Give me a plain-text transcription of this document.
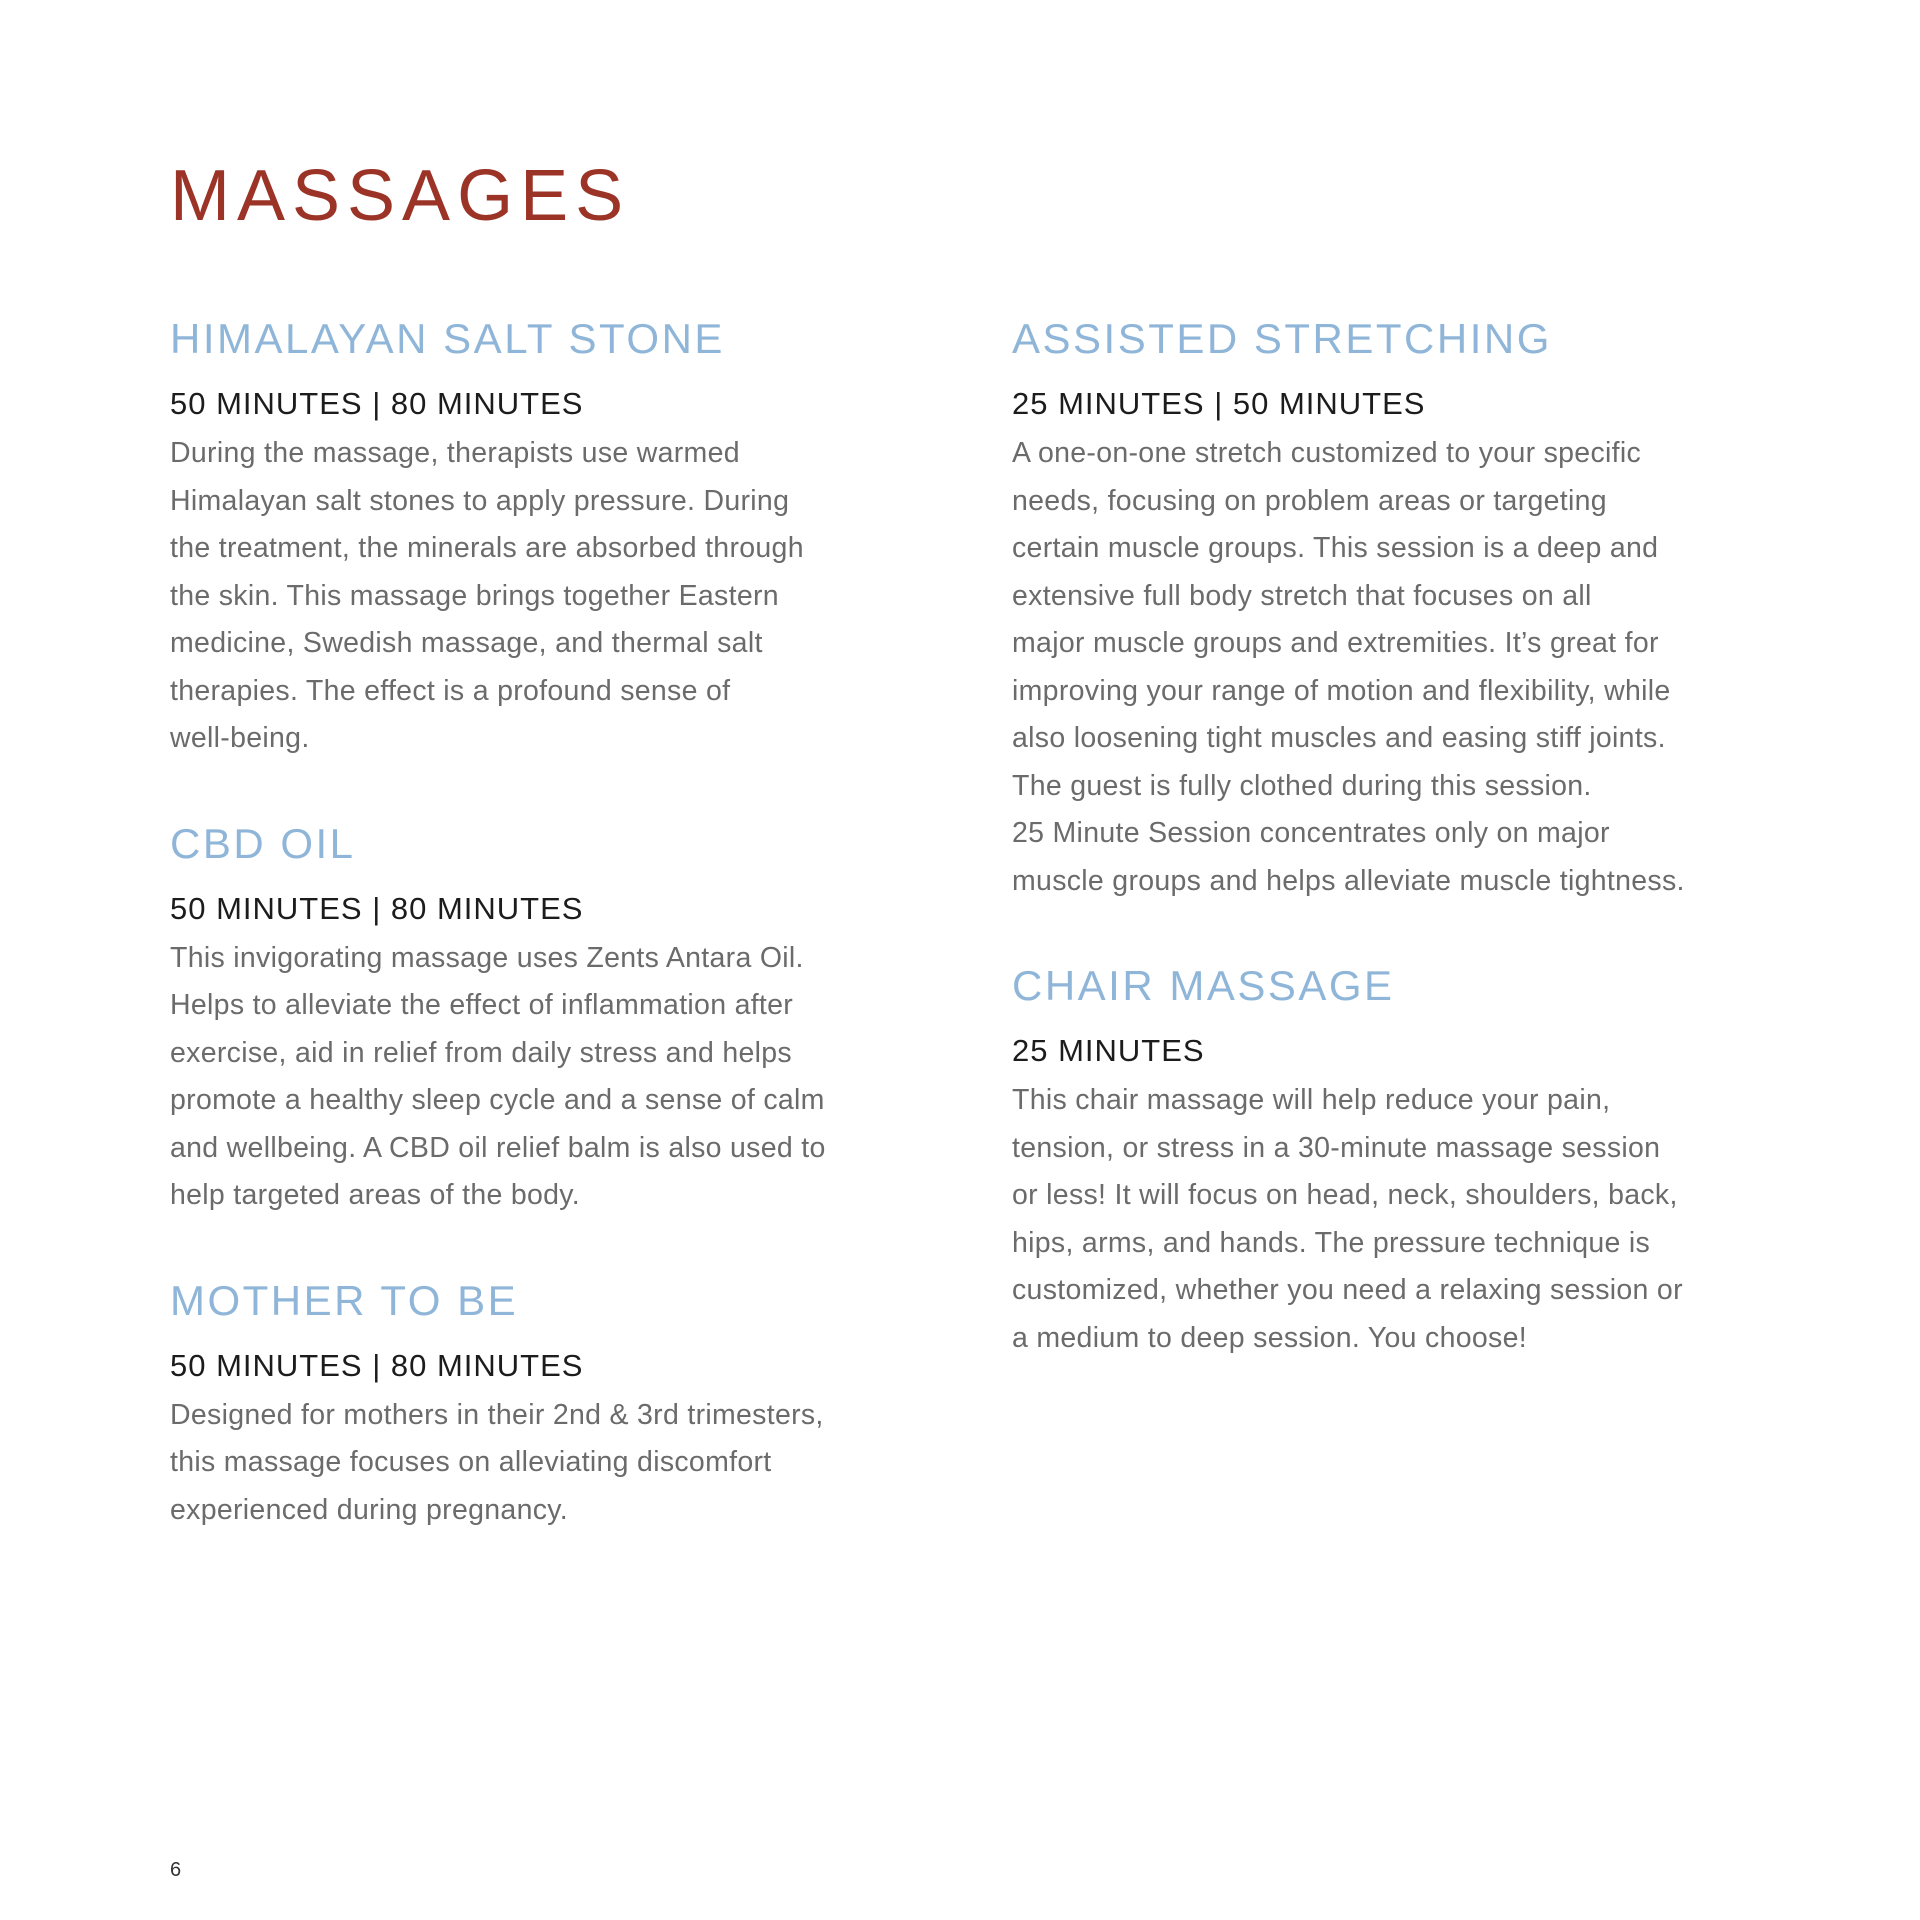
MASSAGES
HIMALAYAN SALT STONE

50 MINUTES | 80 MINUTES

During the massage, therapists use warmed
Himalayan salt stones to apply pressure. During
the treatment, the minerals are absorbed through
the skin. This massage brings together Eastern
medicine, Swedish massage, and thermal salt
therapies. The effect is a profound sense of
well-being.

CBD OIL

50 MINUTES | 80 MINUTES

This invigorating massage uses Zents Antara Oil.
Helps to alleviate the effect of inflammation after
exercise, aid in relief from daily stress and helps
promote a healthy sleep cycle and a sense of calm
and wellbeing. A CBD oil relief balm is also used to
help targeted areas of the body.

MOTHER TO BE

50 MINUTES | 80 MINUTES

Designed for mothers in their 2nd & 3rd trimesters,
this massage focuses on alleviating discomfort
experienced during pregnancy.

ASSISTED STRETCHING

25 MINUTES | 50 MINUTES

A one-on-one stretch customized to your specific
needs, focusing on problem areas or targeting
certain muscle groups. This session is a deep and
extensive full body stretch that focuses on all
major muscle groups and extremities. It’s great for
improving your range of motion and flexibility, while
also loosening tight muscles and easing stiff joints.
The guest is fully clothed during this session.
25 Minute Session concentrates only on major
muscle groups and helps alleviate muscle tightness.

CHAIR MASSAGE

25 MINUTES

This chair massage will help reduce your pain,
tension, or stress in a 30-minute massage session
or less! It will focus on head, neck, shoulders, back,
hips, arms, and hands. The pressure technique is
customized, whether you need a relaxing session or
a medium to deep session. You choose!

6
